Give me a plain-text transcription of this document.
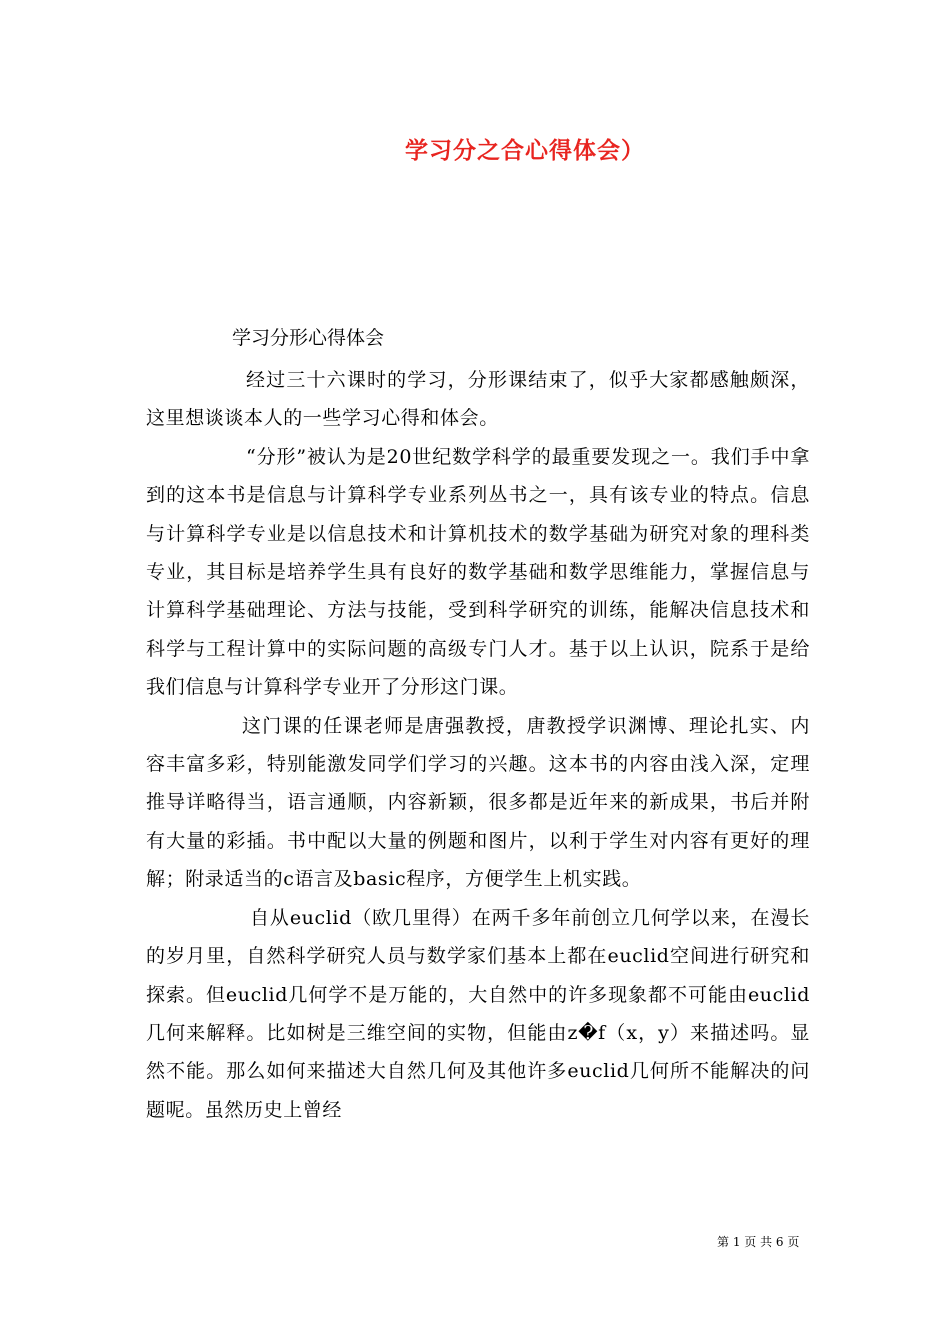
学习分之合心得体会）
学习分形心得体会

经过三十六课时的学习，分形课结束了，似乎大家都感触颇深，这里想谈谈本人的一些学习心得和体会。

“分形”被认为是20世纪数学科学的最重要发现之一。我们手中拿到的这本书是信息与计算科学专业系列丛书之一，具有该专业的特点。信息与计算科学专业是以信息技术和计算机技术的数学基础为研究对象的理科类专业，其目标是培养学生具有良好的数学基础和数学思维能力，掌握信息与计算科学基础理论、方法与技能，受到科学研究的训练，能解决信息技术和科学与工程计算中的实际问题的高级专门人才。基于以上认识，院系于是给我们信息与计算科学专业开了分形这门课。

这门课的任课老师是唐强教授，唐教授学识渊博、理论扎实、内容丰富多彩，特别能激发同学们学习的兴趣。这本书的内容由浅入深，定理推导详略得当，语言通顺，内容新颖，很多都是近年来的新成果，书后并附有大量的彩插。书中配以大量的例题和图片，以利于学生对内容有更好的理解；附录适当的c语言及basic程序，方便学生上机实践。

自从euclid（欧几里得）在两千多年前创立几何学以来，在漫长的岁月里，自然科学研究人员与数学家们基本上都在euclid空间进行研究和探索。但euclid几何学不是万能的，大自然中的许多现象都不可能由euclid几何来解释。比如树是三维空间的实物，但能由z�f（x，y）来描述吗。显然不能。那么如何来描述大自然几何及其他许多euclid几何所不能解决的问题呢。虽然历史上曾经

第 1 页 共 6 页
